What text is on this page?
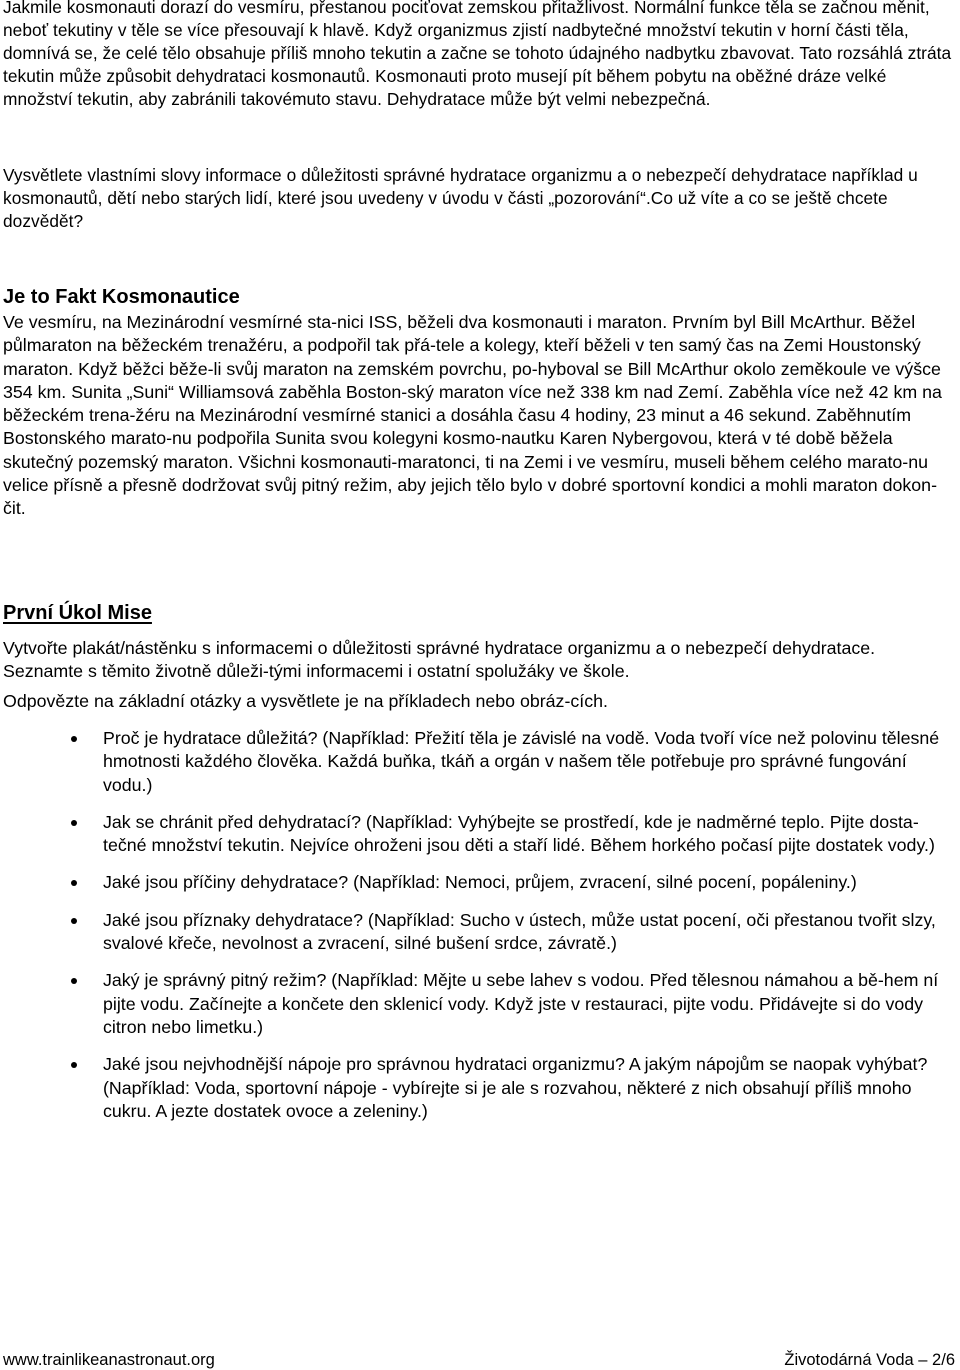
Jakmile kosmonauti dorazí do vesmíru, přestanou pociťovat zemskou přitažlivost. Normální funkce těla se začnou měnit, neboť tekutiny v těle se více přesouvají k hlavě. Když organizmus zjistí nadbytečné množství tekutin v horní části těla, domnívá se, že celé tělo obsahuje příliš mnoho tekutin a začne se tohoto údajného nadbytku zbavovat. Tato rozsáhlá ztráta tekutin může způsobit dehydrataci kosmonautů. Kosmonauti proto musejí pít během pobytu na oběžné dráze velké množství tekutin, aby zabránili takovémuto stavu. Dehydratace může být velmi nebezpečná.

Vysvětlete vlastními slovy informace o důležitosti správné hydratace organizmu a o nebezpečí dehydratace například u kosmonautů, dětí nebo starých lidí, které jsou uvedeny v úvodu v části „pozorování“.Co už víte a co se ještě chcete dozvědět?

Je to Fakt Kosmonautice

Ve vesmíru, na Mezinárodní vesmírné sta-nici ISS, běželi dva kosmonauti i maraton. Prvním byl Bill McArthur. Běžel půlmaraton na běžeckém trenažéru, a podpořil tak přá-tele a kolegy, kteří běželi v ten samý čas na Zemi Houstonský maraton. Když běžci běže-li svůj maraton na zemském povrchu, po-hyboval se Bill McArthur okolo zeměkoule ve výšce 354 km. Sunita „Suni“ Williamsová zaběhla Boston-ský maraton více než 338 km nad Zemí. Zaběhla více než 42 km na běžeckém trena-žéru na Mezinárodní vesmírné stanici a dosáhla času 4 hodiny, 23 minut a 46 sekund. Zaběhnutím Bostonského marato-nu podpořila Sunita svou kolegyni kosmo-nautku Karen Nybergovou, která v té době běžela skutečný pozemský maraton. Všichni kosmonauti-maratonci, ti na Zemi i ve vesmíru, museli během celého marato-nu velice přísně a přesně dodržovat svůj pitný režim, aby jejich tělo bylo v dobré sportovní kondici a mohli maraton dokon-čit.

První Úkol Mise

Vytvořte plakát/nástěnku s informacemi o důležitosti správné hydratace organizmu a o nebezpečí dehydratace. Seznamte s těmito životně důleži-tými informacemi i ostatní spolužáky ve škole.

Odpovězte na základní otázky a vysvětlete je na příkladech nebo obráz-cích.

Proč je hydratace důležitá? (Například: Přežití těla je závislé na vodě. Voda tvoří více než polovinu tělesné hmotnosti každého člověka. Každá buňka, tkáň a orgán v našem těle potřebuje pro správné fungování vodu.)
Jak se chránit před dehydratací? (Například: Vyhýbejte se prostředí, kde je nadměrné teplo. Pijte dosta-tečné množství tekutin. Nejvíce ohroženi jsou děti a staří lidé. Během horkého počasí pijte dostatek vody.)
Jaké jsou příčiny dehydratace? (Například: Nemoci, průjem, zvracení, silné pocení, popáleniny.)
Jaké jsou příznaky dehydratace? (Například: Sucho v ústech, může ustat pocení, oči přestanou tvořit slzy, svalové křeče, nevolnost a zvracení, silné bušení srdce, závratě.)
Jaký je správný pitný režim? (Například: Mějte u sebe lahev s vodou. Před tělesnou námahou a bě-hem ní pijte vodu. Začínejte a končete den sklenicí vody. Když jste v restauraci, pijte vodu. Přidávejte si do vody citron nebo limetku.)
Jaké jsou nejvhodnější nápoje pro správnou hydrataci organizmu? A jakým nápojům se naopak vyhýbat? (Například: Voda, sportovní nápoje - vybírejte si je ale s rozvahou, některé z nich obsahují příliš mnoho cukru. A jezte dostatek ovoce a zeleniny.)
www.trainlikeanastronaut.org	Životodárná Voda – 2/6
